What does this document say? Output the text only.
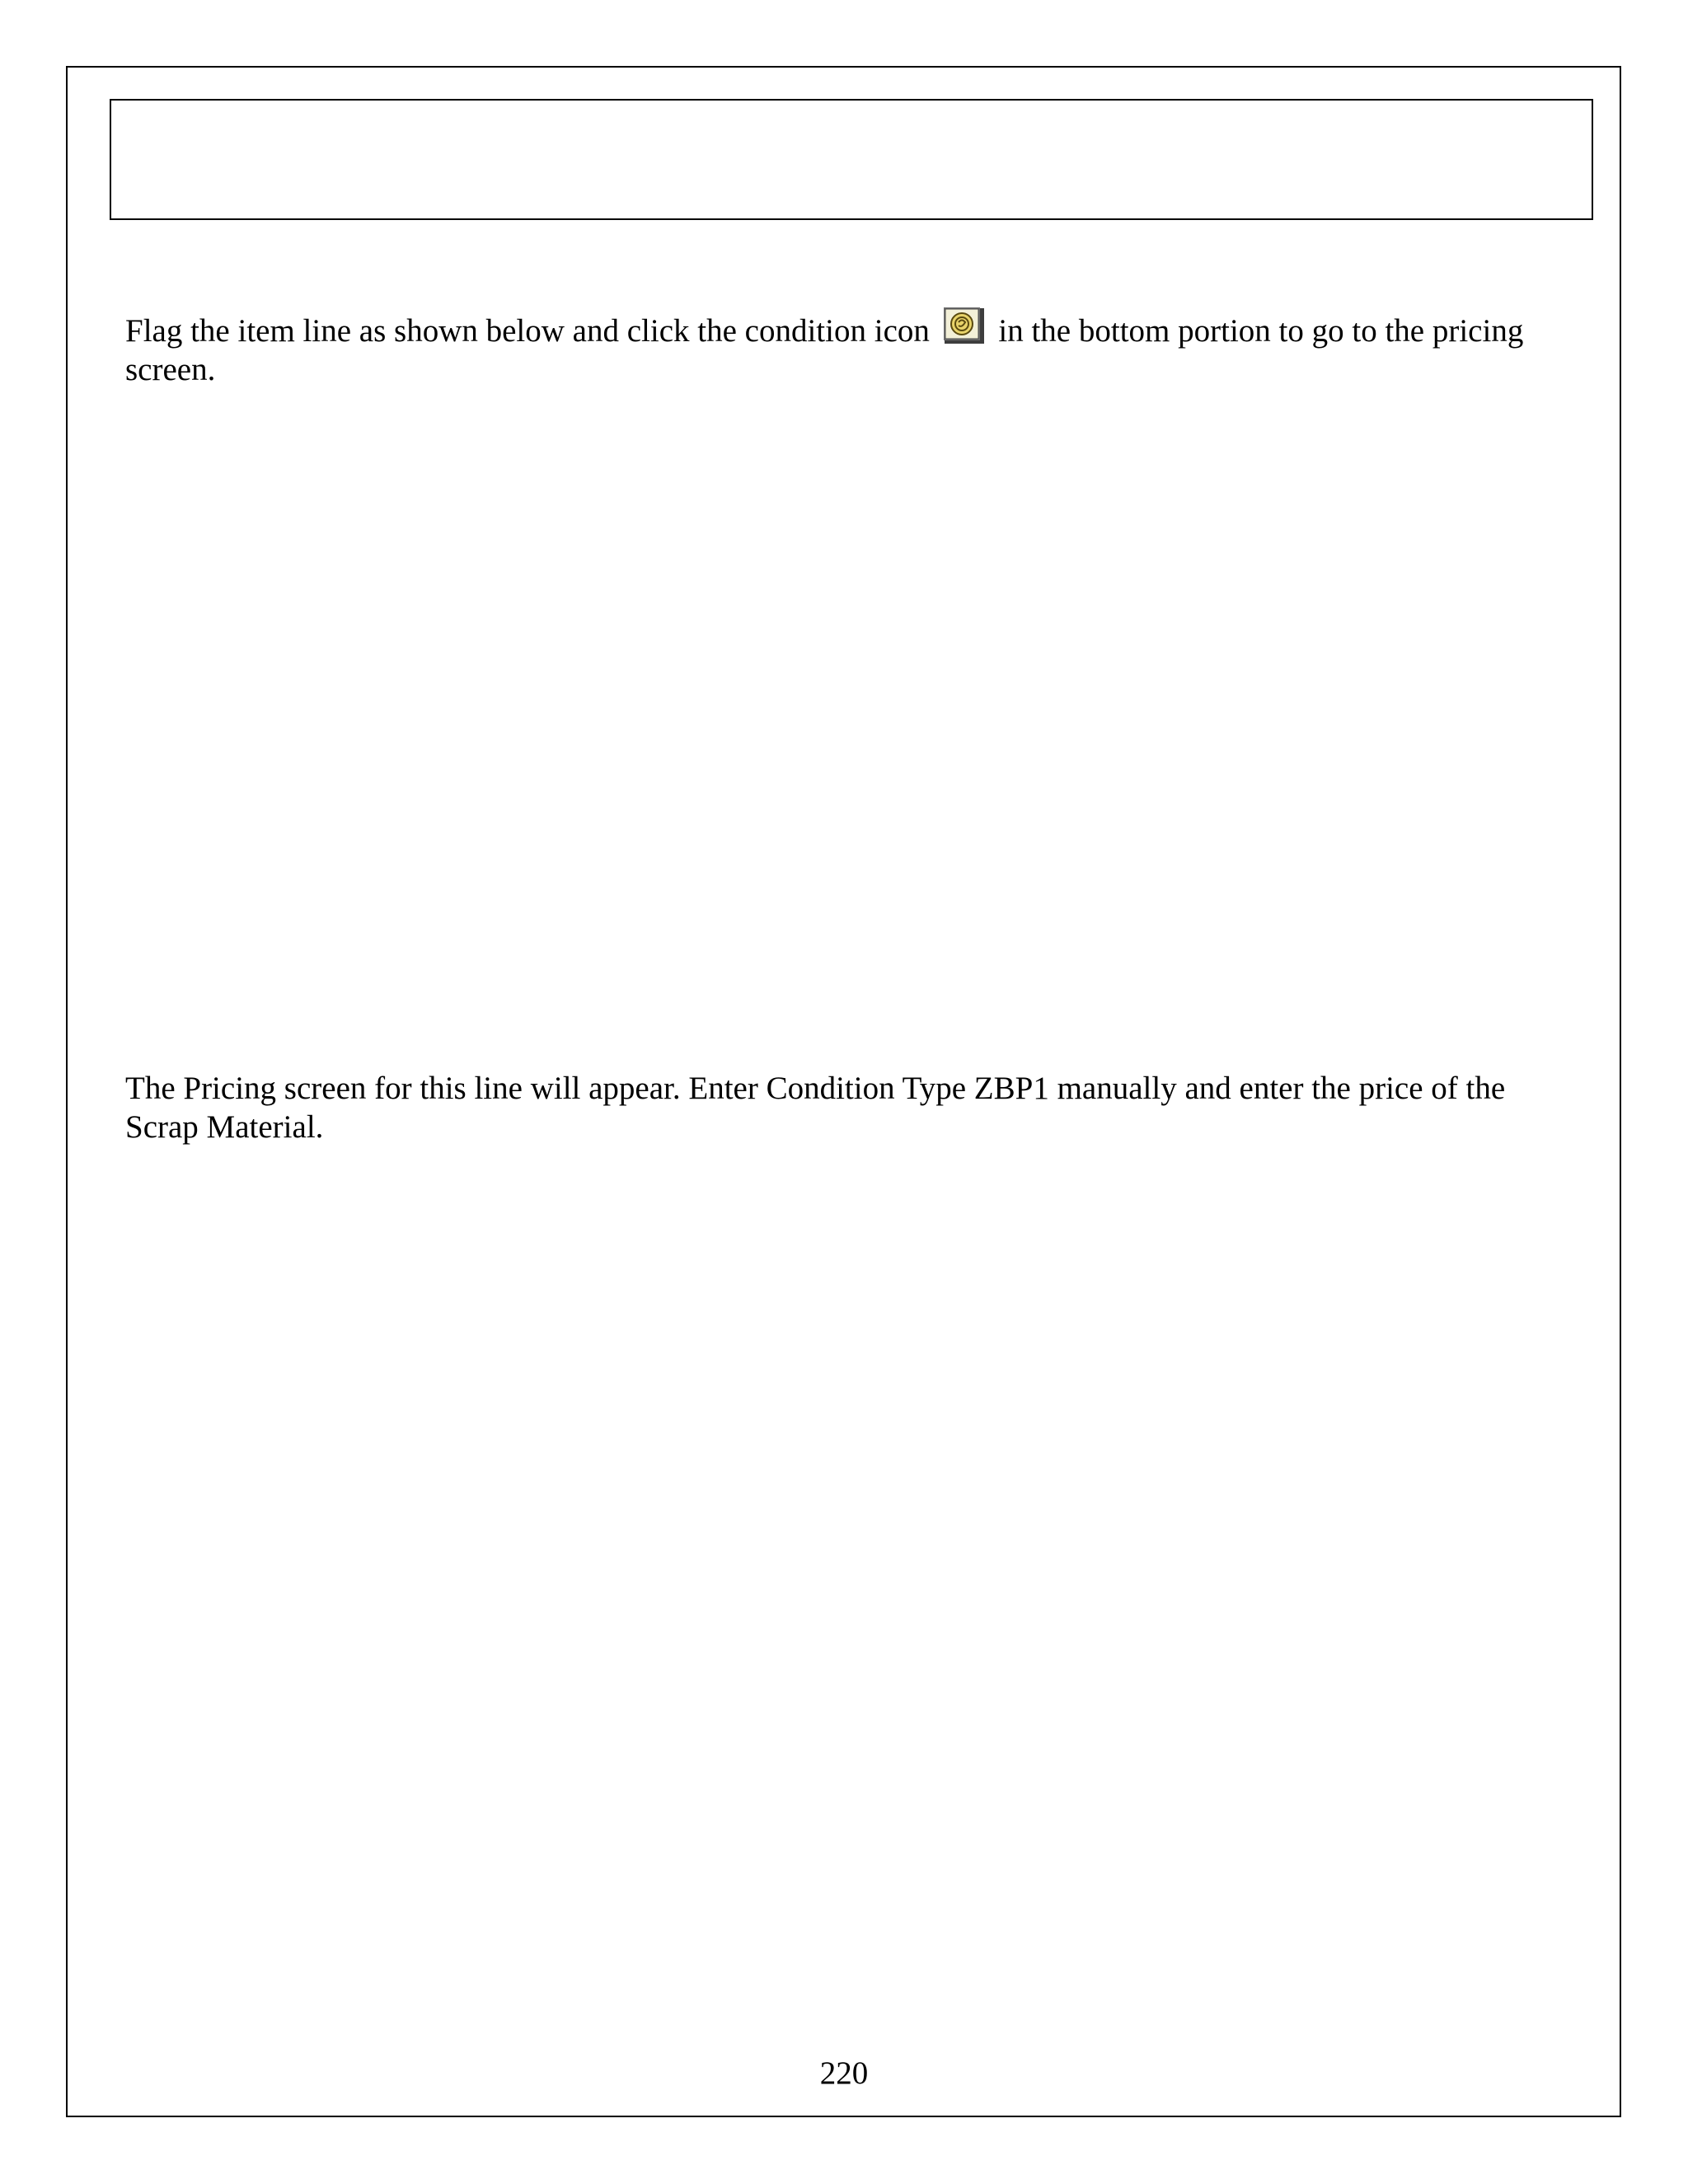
Flag the item line as shown below and click the condition icon  in the bottom portion to go to the pricing screen.

The Pricing screen for this line will appear. Enter Condition Type ZBP1 manually and enter the price of the Scrap Material.

220
